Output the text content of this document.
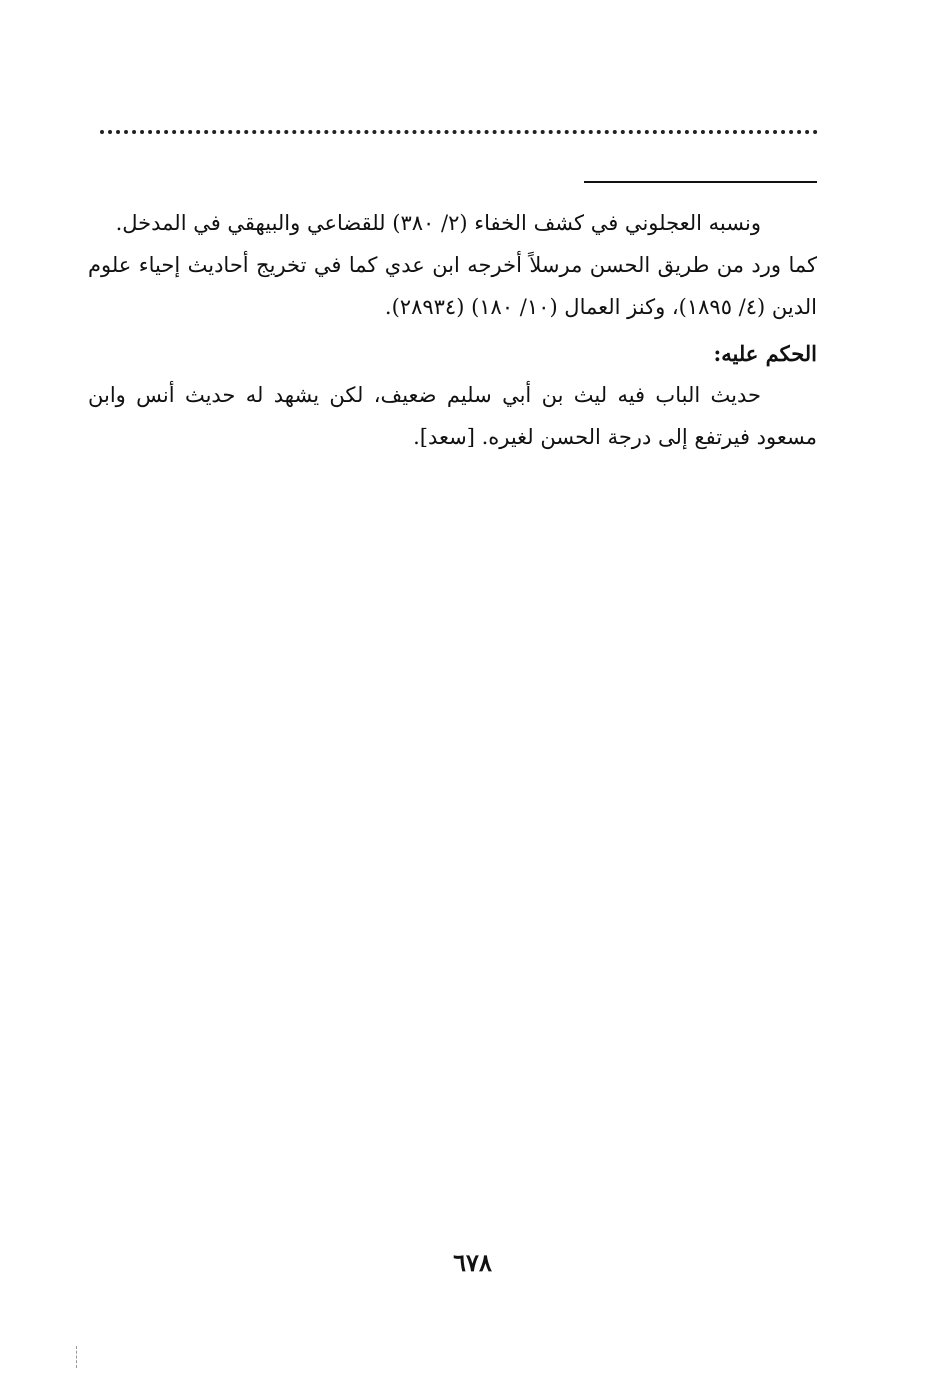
ونسبه العجلوني في كشف الخفاء (٢/ ٣٨٠) للقضاعي والبيهقي في المدخل.
كما ورد من طريق الحسن مرسلاً أخرجه ابن عدي كما في تخريج أحاديث إحياء علوم الدين (٤/ ١٨٩٥)، وكنز العمال (١٠/ ١٨٠) (٢٨٩٣٤).
الحكم عليه:
حديث الباب فيه ليث بن أبي سليم ضعيف، لكن يشهد له حديث أنس وابن مسعود فيرتفع إلى درجة الحسن لغيره. [سعد].
٦٧٨
